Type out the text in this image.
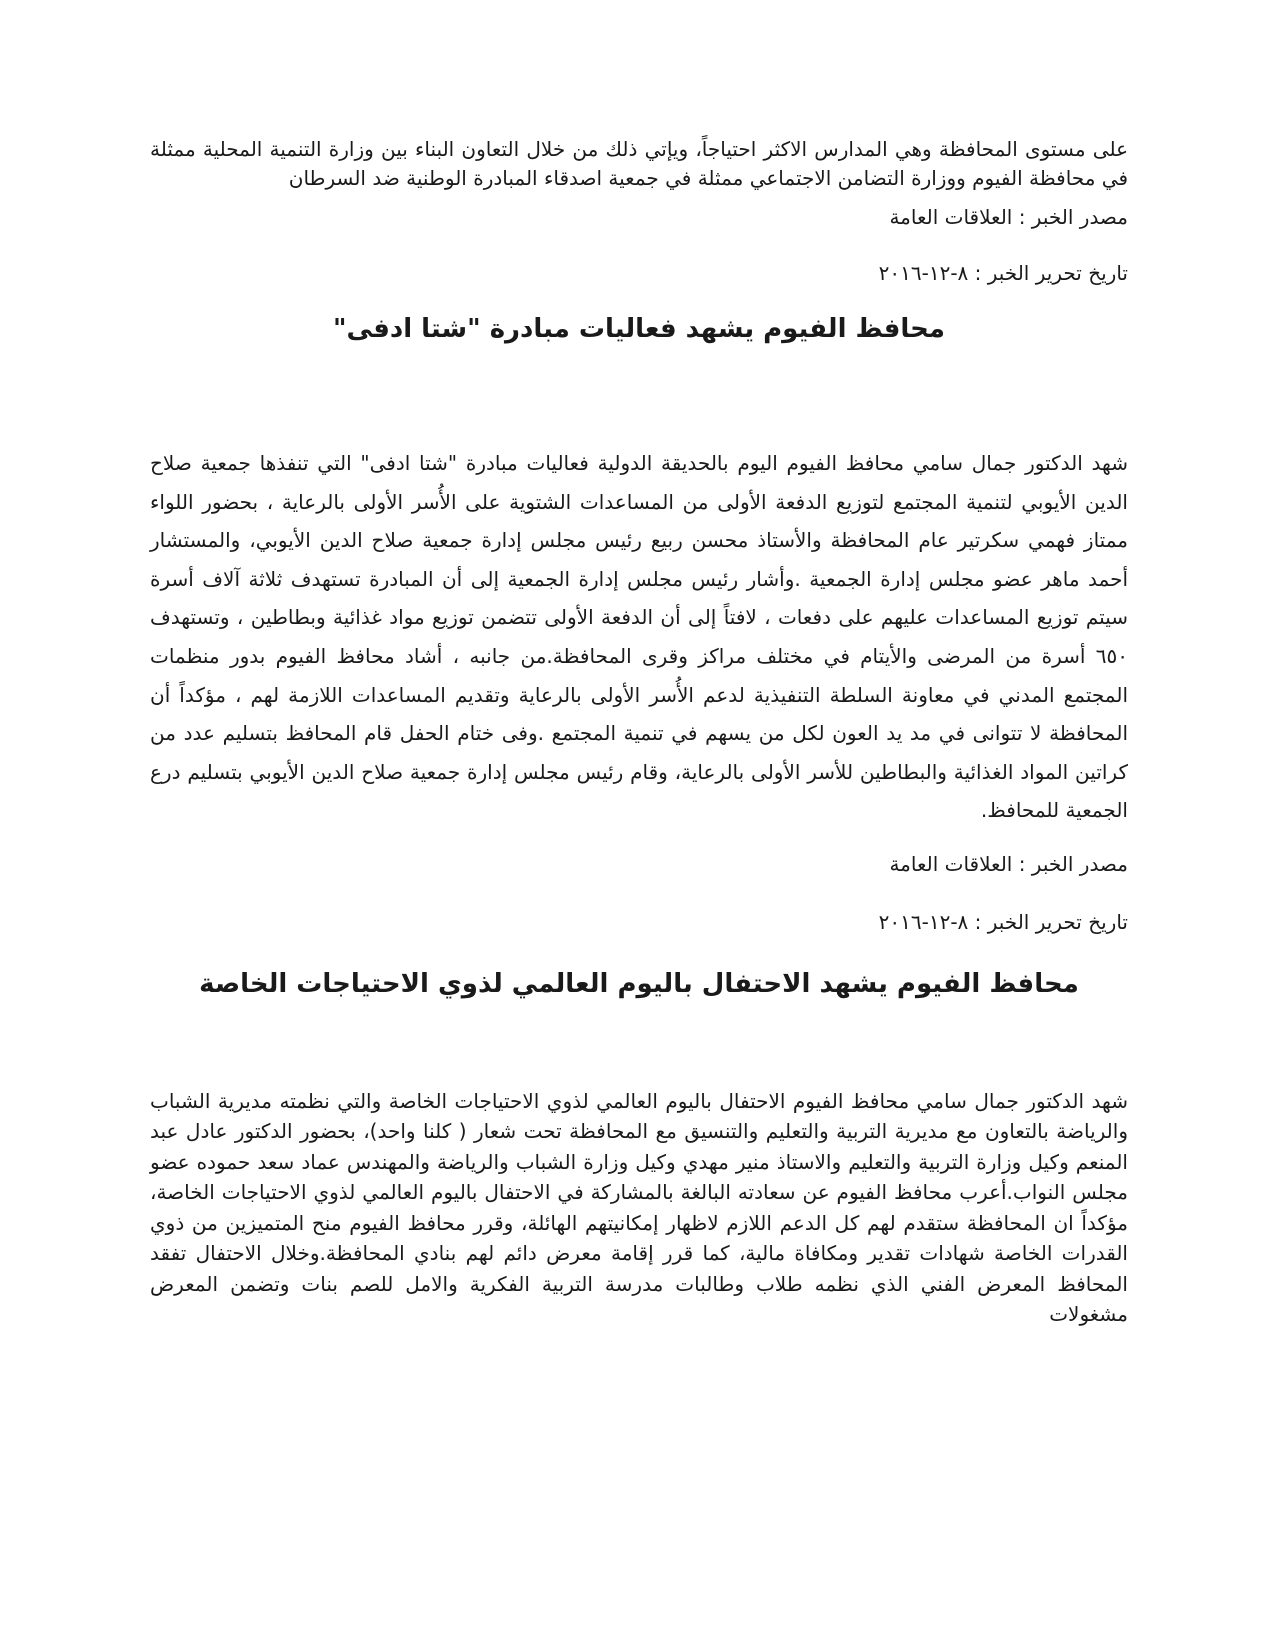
على مستوى المحافظة وهي المدارس الاكثر احتياجاً، ويإتي ذلك من خلال التعاون البناء بين وزارة التنمية المحلية ممثلة في محافظة الفيوم ووزارة التضامن الاجتماعي ممثلة في جمعية اصدقاء المبادرة الوطنية ضد السرطان

مصدر الخبر : العلاقات العامة

تاريخ تحرير الخبر : ٨-١٢-٢٠١٦

محافظ الفيوم يشهد فعاليات مبادرة "شتا ادفى"

شهد الدكتور جمال سامي محافظ الفيوم اليوم بالحديقة الدولية فعاليات مبادرة "شتا ادفى" التي تنفذها جمعية صلاح الدين الأيوبي لتنمية المجتمع لتوزيع الدفعة الأولى من المساعدات الشتوية على الأُسر الأولى بالرعاية ، بحضور اللواء ممتاز فهمي سكرتير عام المحافظة والأستاذ محسن ربيع رئيس مجلس إدارة جمعية صلاح الدين الأيوبي، والمستشار أحمد ماهر عضو مجلس إدارة الجمعية .وأشار رئيس مجلس إدارة الجمعية إلى أن المبادرة تستهدف ثلاثة آلاف أسرة سيتم توزيع المساعدات عليهم على دفعات ، لافتاً إلى أن الدفعة الأولى تتضمن توزيع مواد غذائية وبطاطين ، وتستهدف ٦٥٠ أسرة من المرضى والأيتام في مختلف مراكز وقرى المحافظة.من جانبه ، أشاد محافظ الفيوم بدور منظمات المجتمع المدني في معاونة السلطة التنفيذية لدعم الأُسر الأولى بالرعاية وتقديم المساعدات اللازمة لهم ، مؤكداً أن المحافظة لا تتوانى في مد يد العون لكل من يسهم في تنمية المجتمع .وفى ختام الحفل قام المحافظ بتسليم عدد من كراتين المواد الغذائية والبطاطين للأسر الأولى بالرعاية، وقام رئيس مجلس إدارة جمعية صلاح الدين الأيوبي بتسليم درع الجمعية للمحافظ.

مصدر الخبر : العلاقات العامة

تاريخ تحرير الخبر : ٨-١٢-٢٠١٦

محافظ الفيوم يشهد الاحتفال باليوم العالمي لذوي الاحتياجات الخاصة

شهد الدكتور جمال سامي محافظ الفيوم الاحتفال باليوم العالمي لذوي الاحتياجات الخاصة والتي نظمته مديرية الشباب والرياضة بالتعاون مع مديرية التربية والتعليم والتنسيق مع المحافظة تحت شعار ( كلنا واحد)، بحضور الدكتور عادل عبد المنعم وكيل وزارة التربية والتعليم والاستاذ منير مهدي وكيل وزارة الشباب والرياضة والمهندس عماد سعد حموده عضو مجلس النواب.أعرب محافظ الفيوم عن سعادته البالغة بالمشاركة في الاحتفال باليوم العالمي لذوي الاحتياجات الخاصة، مؤكداً ان المحافظة ستقدم لهم كل الدعم اللازم لاظهار إمكانيتهم الهائلة، وقرر محافظ الفيوم منح المتميزين من ذوي القدرات الخاصة شهادات تقدير ومكافاة مالية، كما قرر إقامة معرض دائم لهم بنادي المحافظة.وخلال الاحتفال تفقد المحافظ المعرض الفني الذي نظمه طلاب وطالبات مدرسة التربية الفكرية والامل للصم بنات وتضمن المعرض مشغولات
